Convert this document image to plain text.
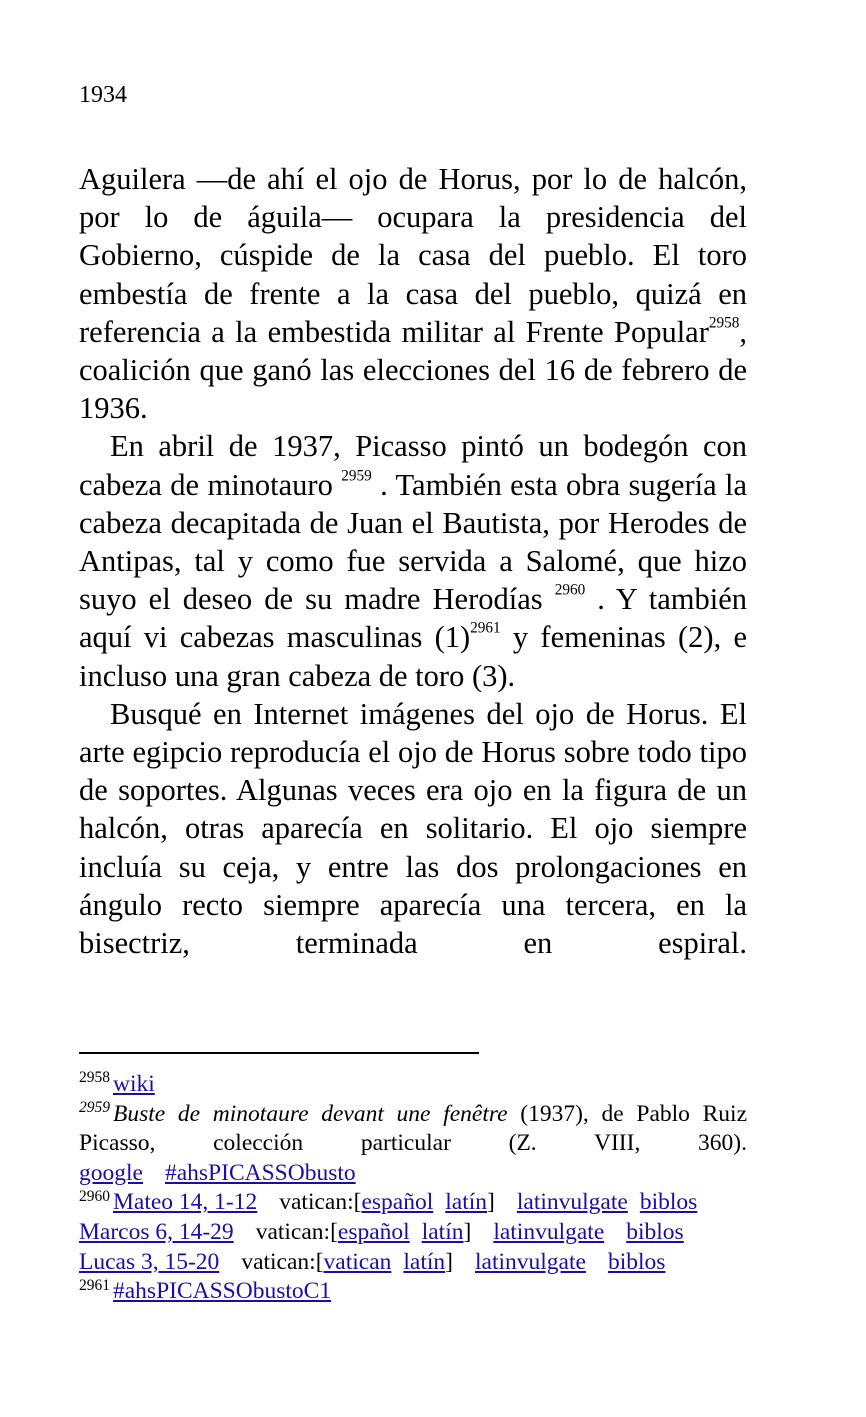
1934

Aguilera —de ahí el ojo de Horus, por lo de halcón, por lo de águila— ocupara la presidencia del Gobierno, cúspide de la casa del pueblo. El toro embestía de frente a la casa del pueblo, quizá en referencia a la embestida militar al Frente Popular$^{2958}$, coalición que ganó las elecciones del 16 de febrero de 1936.

En abril de 1937, Picasso pintó un bodegón con cabeza de minotauro $^{2959}$ . También esta obra sugería la cabeza decapitada de Juan el Bautista, por Herodes de Antipas, tal y como fue servida a Salomé, que hizo suyo el deseo de su madre Herodías $^{2960}$ . Y también aquí vi cabezas masculinas $(1)^{2961}$ y femeninas (2), e incluso una gran cabeza de toro (3).

Busqué en Internet imágenes del ojo de Horus. El arte egipcio reproducía el ojo de Horus sobre todo tipo de soportes. Algunas veces era ojo en la figura de un halcón, otras aparecía en solitario. El ojo siempre incluía su ceja, y entre las dos prolongaciones en ángulo recto siempre aparecía una tercera, en la bisectriz, terminada en espiral.

$^{2958}$ wiki

$^{2959}$ Buste de minotaure devant une fenêtre (1937), de Pablo Ruiz Picasso, colección particular (Z. VIII, 360).

google #ahsPICASSObusto

$^{2960}$ Mateo 14, 1-12 vatican:[español latín] latinvulgate biblos

Marcos 6, 14-29 vatican:[español latín] latinvulgate biblos

Lucas 3, 15-20 vatican:[vatican latín] latinvulgate biblos

$^{2961}$ #ahsPICASSObustoC1
